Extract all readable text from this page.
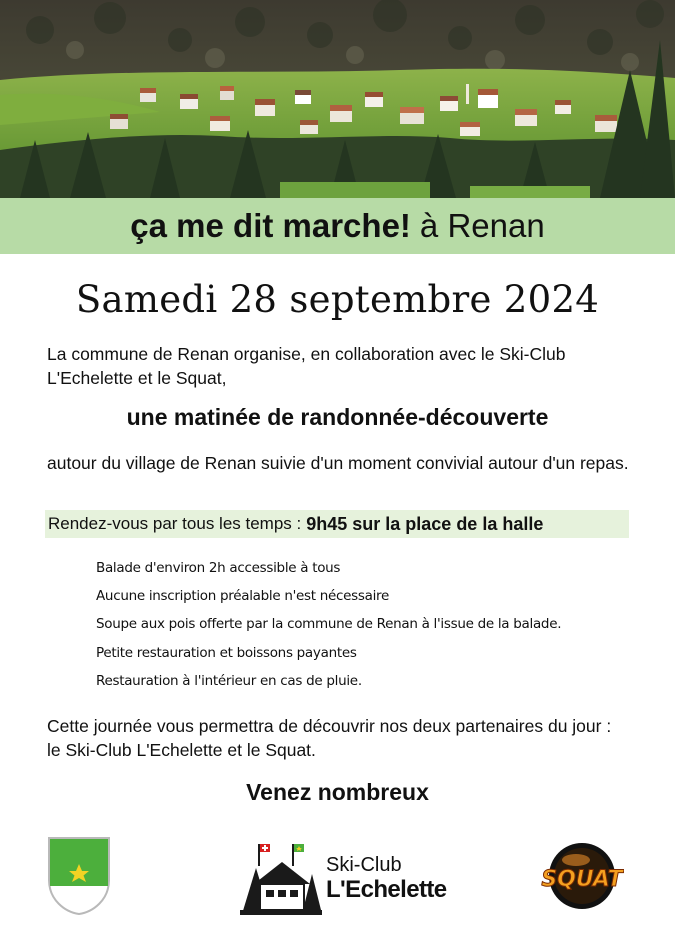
ça me dit marche! à Renan
Samedi 28 septembre 2024
La commune de Renan organise, en collaboration avec le Ski-Club L'Echelette et le Squat,
une matinée de randonnée-découverte
autour du village de Renan suivie d'un moment convivial autour d'un repas.
Rendez-vous par tous les temps : 9h45 sur la place de la halle
Balade d'environ 2h accessible à tous
Aucune inscription préalable n'est nécessaire
Soupe aux pois offerte par la commune de Renan à l'issue de la balade.
Petite restauration et boissons payantes
Restauration à l'intérieur en cas de pluie.
Cette journée vous permettra de découvrir nos deux partenaires du jour : le Ski-Club L'Echelette et le Squat.
Venez nombreux
Ski-Club
L'Echelette	SQUAT
